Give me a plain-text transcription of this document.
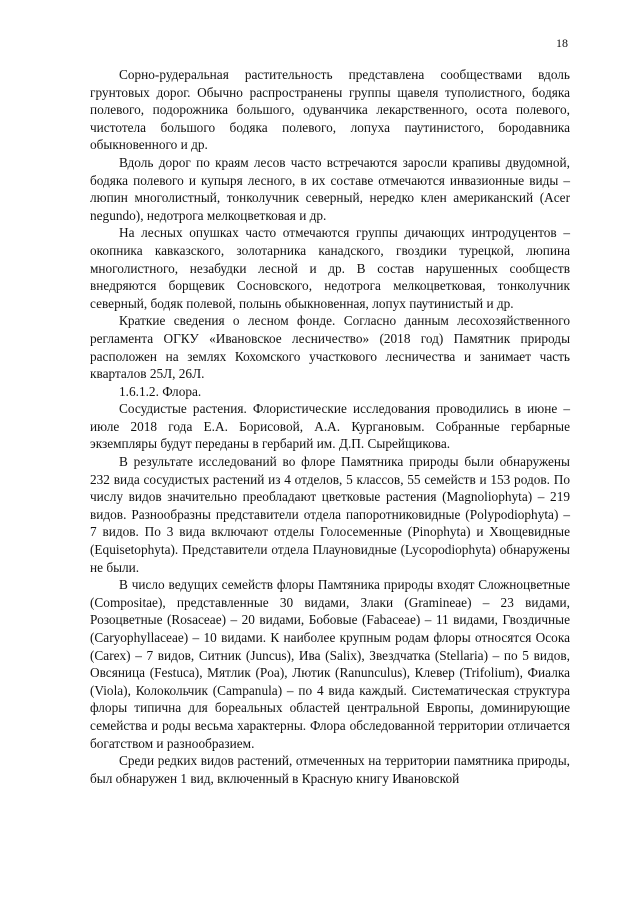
18

Сорно-рудеральная растительность представлена сообществами вдоль грунтовых дорог. Обычно распространены группы щавеля туполистного, бодяка полевого, подорожника большого, одуванчика лекарственного, осота полевого, чистотела большого бодяка полевого, лопуха паутинистого, бородавника обыкновенного и др.

Вдоль дорог по краям лесов часто встречаются заросли крапивы двудомной, бодяка полевого и купыря лесного, в их составе отмечаются инвазионные виды – люпин многолистный, тонколучник северный, нередко клен американский (Acer negundo), недотрога мелкоцветковая и др.

На лесных опушках часто отмечаются группы дичающих интродуцентов – окопника кавказского, золотарника канадского, гвоздики турецкой, люпина многолистного, незабудки лесной и др. В состав нарушенных сообществ внедряются борщевик Сосновского, недотрога мелкоцветковая, тонколучник северный, бодяк полевой, полынь обыкновенная, лопух паутинистый и др.

Краткие сведения о лесном фонде. Согласно данным лесохозяйственного регламента ОГКУ «Ивановское лесничество» (2018 год) Памятник природы расположен на землях Кохомского участкового лесничества и занимает часть кварталов 25Л, 26Л.

1.6.1.2. Флора.

Сосудистые растения. Флористические исследования проводились в июне – июле 2018 года Е.А. Борисовой, А.А. Кургановым. Собранные гербарные экземпляры будут переданы в гербарий им. Д.П. Сырейщикова.

В результате исследований во флоре Памятника природы были обнаружены 232 вида сосудистых растений из 4 отделов, 5 классов, 55 семейств и 153 родов. По числу видов значительно преобладают цветковые растения (Magnoliophyta) – 219 видов. Разнообразны представители отдела папоротниковидные (Polypodiophyta) – 7 видов. По 3 вида включают отделы Голосеменные (Pinophyta) и Хвощевидные (Equisetophyta). Представители отдела Плауновидные (Lycopodiophyta) обнаружены не были.

В число ведущих семейств флоры Памтяника природы входят Сложноцветные (Compositae), представленные 30 видами, Злаки (Gramineae) – 23 видами, Розоцветные (Rosaceae) – 20 видами, Бобовые (Fabaceae) – 11 видами, Гвоздичные (Caryophyllaceae) – 10 видами. К наиболее крупным родам флоры относятся Осока (Carex) – 7 видов, Ситник (Juncus), Ива (Salix), Звездчатка (Stellaria) – по 5 видов, Овсяница (Festuca), Мятлик (Poa), Лютик (Ranunculus), Клевер (Trifolium), Фиалка (Viola), Колокольчик (Campanula) – по 4 вида каждый. Систематическая структура флоры типична для бореальных областей центральной Европы, доминирующие семейства и роды весьма характерны. Флора обследованной территории отличается богатством и разнообразием.

Среди редких видов растений, отмеченных на территории памятника природы, был обнаружен 1 вид, включенный в Красную книгу Ивановской
